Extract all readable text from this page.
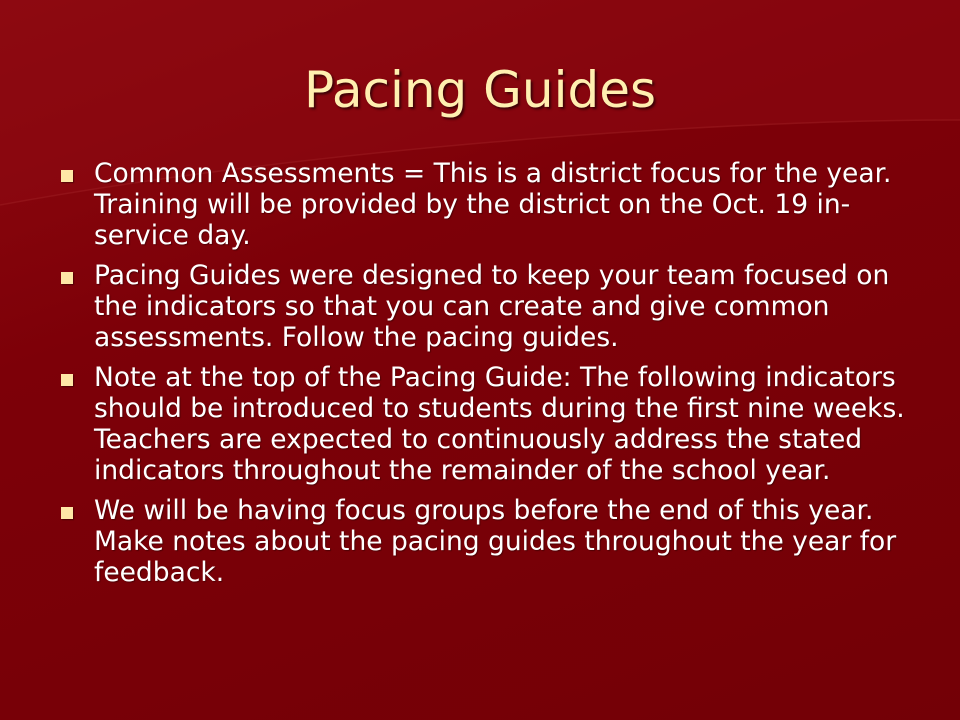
Pacing Guides
Common Assessments = This is a district focus for the year. Training will be provided by the district on the Oct. 19 in-service day.
Pacing Guides were designed to keep your team focused on the indicators so that you can create and give common assessments. Follow the pacing guides.
Note at the top of the Pacing Guide: The following indicators should be introduced to students during the first nine weeks. Teachers are expected to continuously address the stated indicators throughout the remainder of the school year.
We will be having focus groups before the end of this year. Make notes about the pacing guides throughout the year for feedback.
